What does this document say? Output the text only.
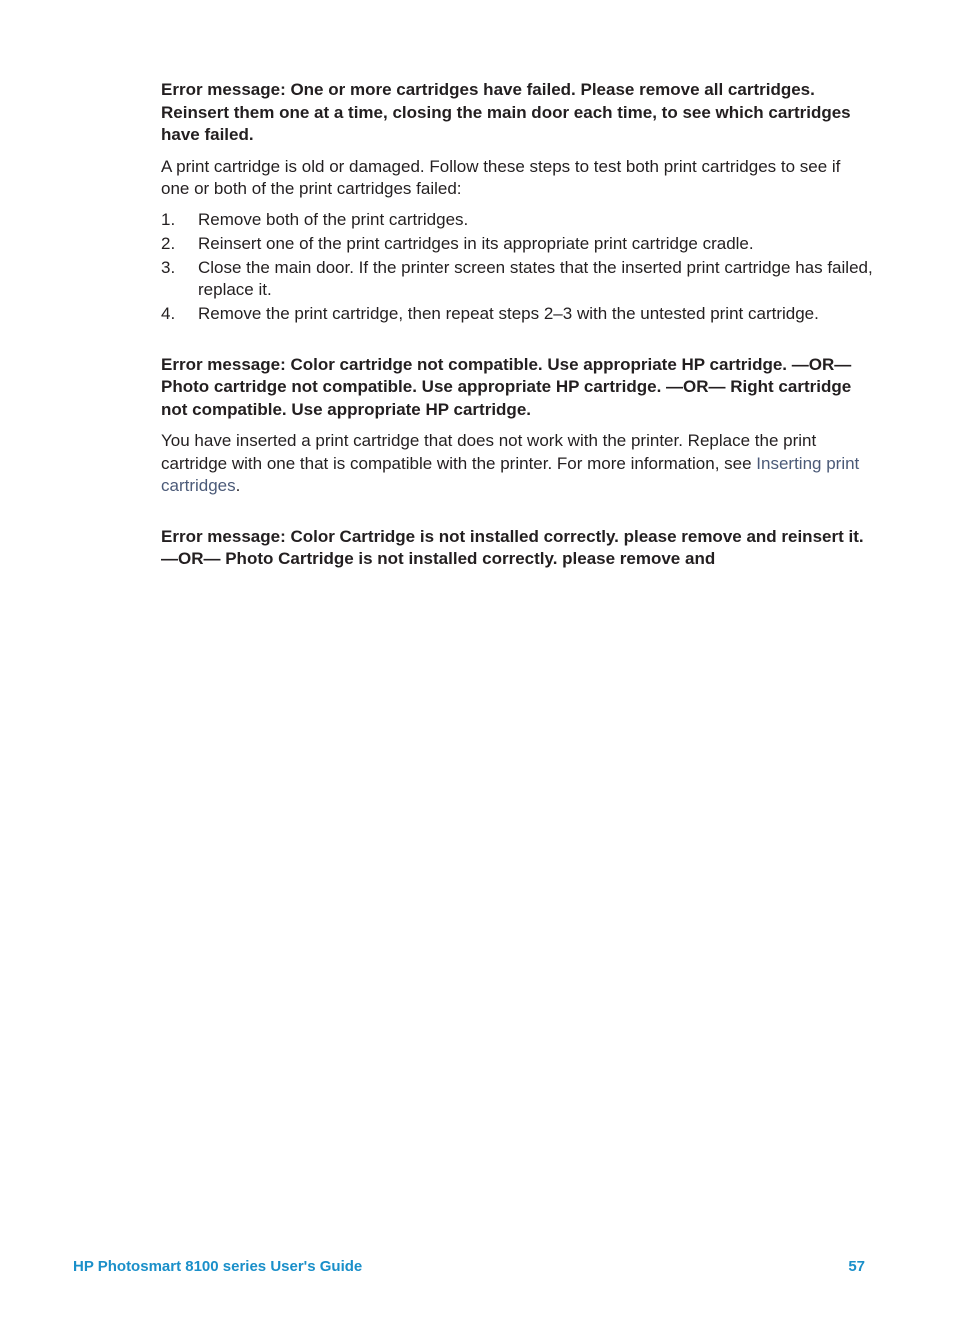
Error message: One or more cartridges have failed. Please remove all cartridges. Reinsert them one at a time, closing the main door each time, to see which cartridges have failed.

A print cartridge is old or damaged. Follow these steps to test both print cartridges to see if one or both of the print cartridges failed:

1.	Remove both of the print cartridges.
2.	Reinsert one of the print cartridges in its appropriate print cartridge cradle.
3.	Close the main door. If the printer screen states that the inserted print cartridge has failed, replace it.
4.	Remove the print cartridge, then repeat steps 2–3 with the untested print cartridge.

Error message: Color cartridge not compatible. Use appropriate HP cartridge. —OR— Photo cartridge not compatible. Use appropriate HP cartridge. —OR— Right cartridge not compatible. Use appropriate HP cartridge.

You have inserted a print cartridge that does not work with the printer. Replace the print cartridge with one that is compatible with the printer. For more information, see Inserting print cartridges.

Error message: Color Cartridge is not installed correctly. please remove and reinsert it. —OR— Photo Cartridge is not installed correctly. please remove and

HP Photosmart 8100 series User's Guide	57
